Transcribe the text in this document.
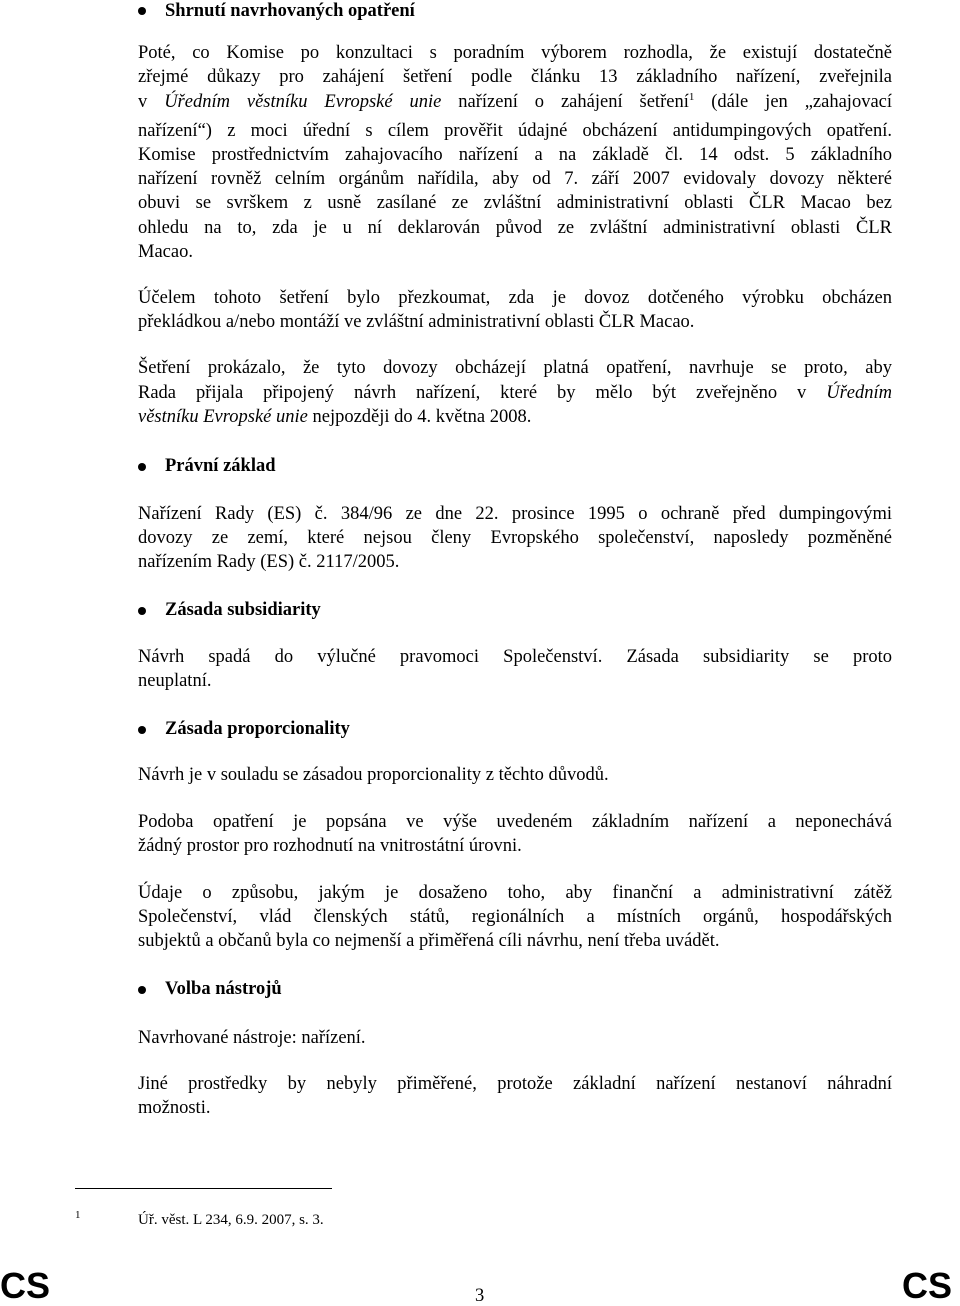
Shrnutí navrhovaných opatření
Poté, co Komise po konzultaci s poradním výborem rozhodla, že existují dostatečně
zřejmé důkazy pro zahájení šetření podle článku 13 základního nařízení, zveřejnila
v Úředním věstníku Evropské unie nařízení o zahájení šetření$^1$ (dále jen „zahajovací
nařízení“) z moci úřední s cílem prověřit údajné obcházení antidumpingových opatření.
Komise prostřednictvím zahajovacího nařízení a na základě čl. 14 odst. 5 základního
nařízení rovněž celním orgánům nařídila, aby od 7. září 2007 evidovaly dovozy některé
obuvi se svrškem z usně zasílané ze zvláštní administrativní oblasti ČLR Macao bez
ohledu na to, zda je u ní deklarován původ ze zvláštní administrativní oblasti ČLR
Macao.
Účelem tohoto šetření bylo přezkoumat, zda je dovoz dotčeného výrobku obcházen
překládkou a/nebo montáží ve zvláštní administrativní oblasti ČLR Macao.
Šetření prokázalo, že tyto dovozy obcházejí platná opatření, navrhuje se proto, aby
Rada přijala připojený návrh nařízení, které by mělo být zveřejněno v Úředním
věstníku Evropské unie nejpozději do 4. května 2008.
Právní základ
Nařízení Rady (ES) č. 384/96 ze dne 22. prosince 1995 o ochraně před dumpingovými
dovozy ze zemí, které nejsou členy Evropského společenství, naposledy pozměněné
nařízením Rady (ES) č. 2117/2005.
Zásada subsidiarity
Návrh spadá do výlučné pravomoci Společenství. Zásada subsidiarity se proto
neuplatní.
Zásada proporcionality
Návrh je v souladu se zásadou proporcionality z těchto důvodů.
Podoba opatření je popsána ve výše uvedeném základním nařízení a neponechává
žádný prostor pro rozhodnutí na vnitrostátní úrovni.
Údaje o způsobu, jakým je dosaženo toho, aby finanční a administrativní zátěž
Společenství, vlád členských států, regionálních a místních orgánů, hospodářských
subjektů a občanů byla co nejmenší a přiměřená cíli návrhu, není třeba uvádět.
Volba nástrojů
Navrhované nástroje: nařízení.
Jiné prostředky by nebyly přiměřené, protože základní nařízení nestanoví náhradní
možnosti.
1	Úř. věst. L 234, 6.9. 2007, s. 3.
CS	3	CS
